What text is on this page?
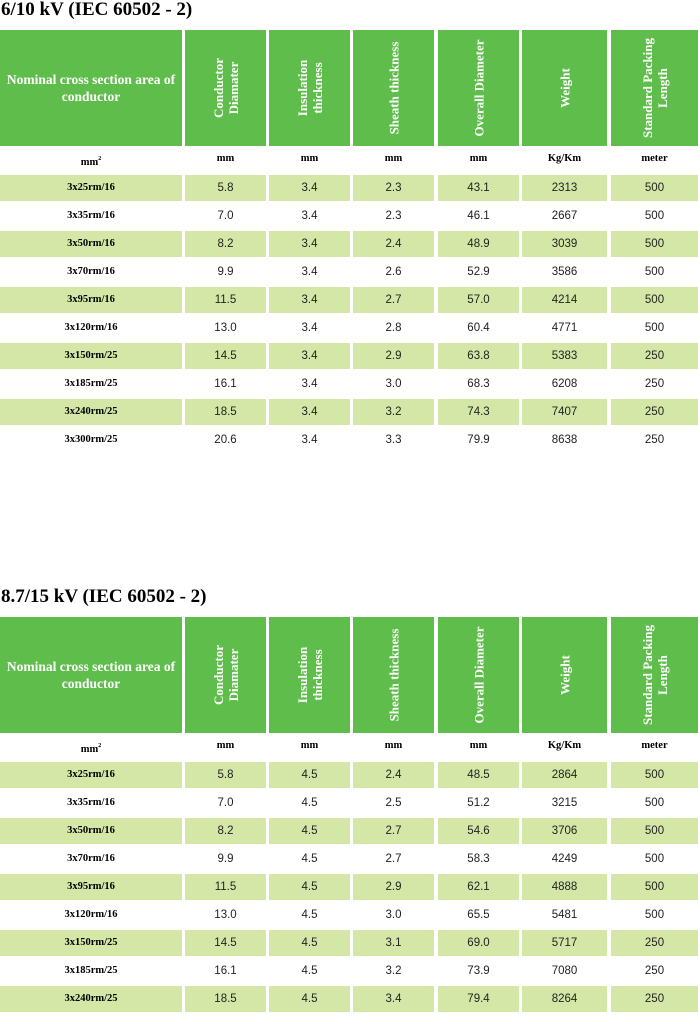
6/10 kV (IEC 60502 - 2)
Nominal cross section area of conductor	Conductor Diamater	Insulation thickness	Sheath thickness	Overall Diameter	Weight	Standard Packing Length
$mm^2$	mm	mm	mm	mm	Kg/Km	meter
3x25rm/16	5.8	3.4	2.3	43.1	2313	500
3x35rm/16	7.0	3.4	2.3	46.1	2667	500
3x50rm/16	8.2	3.4	2.4	48.9	3039	500
3x70rm/16	9.9	3.4	2.6	52.9	3586	500
3x95rm/16	11.5	3.4	2.7	57.0	4214	500
3x120rm/16	13.0	3.4	2.8	60.4	4771	500
3x150rm/25	14.5	3.4	2.9	63.8	5383	250
3x185rm/25	16.1	3.4	3.0	68.3	6208	250
3x240rm/25	18.5	3.4	3.2	74.3	7407	250
3x300rm/25	20.6	3.4	3.3	79.9	8638	250
8.7/15 kV (IEC 60502 - 2)
Nominal cross section area of conductor	Conductor Diamater	Insulation thickness	Sheath thickness	Overall Diameter	Weight	Standard Packing Length
$mm^2$	mm	mm	mm	mm	Kg/Km	meter
3x25rm/16	5.8	4.5	2.4	48.5	2864	500
3x35rm/16	7.0	4.5	2.5	51.2	3215	500
3x50rm/16	8.2	4.5	2.7	54.6	3706	500
3x70rm/16	9.9	4.5	2.7	58.3	4249	500
3x95rm/16	11.5	4.5	2.9	62.1	4888	500
3x120rm/16	13.0	4.5	3.0	65.5	5481	500
3x150rm/25	14.5	4.5	3.1	69.0	5717	250
3x185rm/25	16.1	4.5	3.2	73.9	7080	250
3x240rm/25	18.5	4.5	3.4	79.4	8264	250
